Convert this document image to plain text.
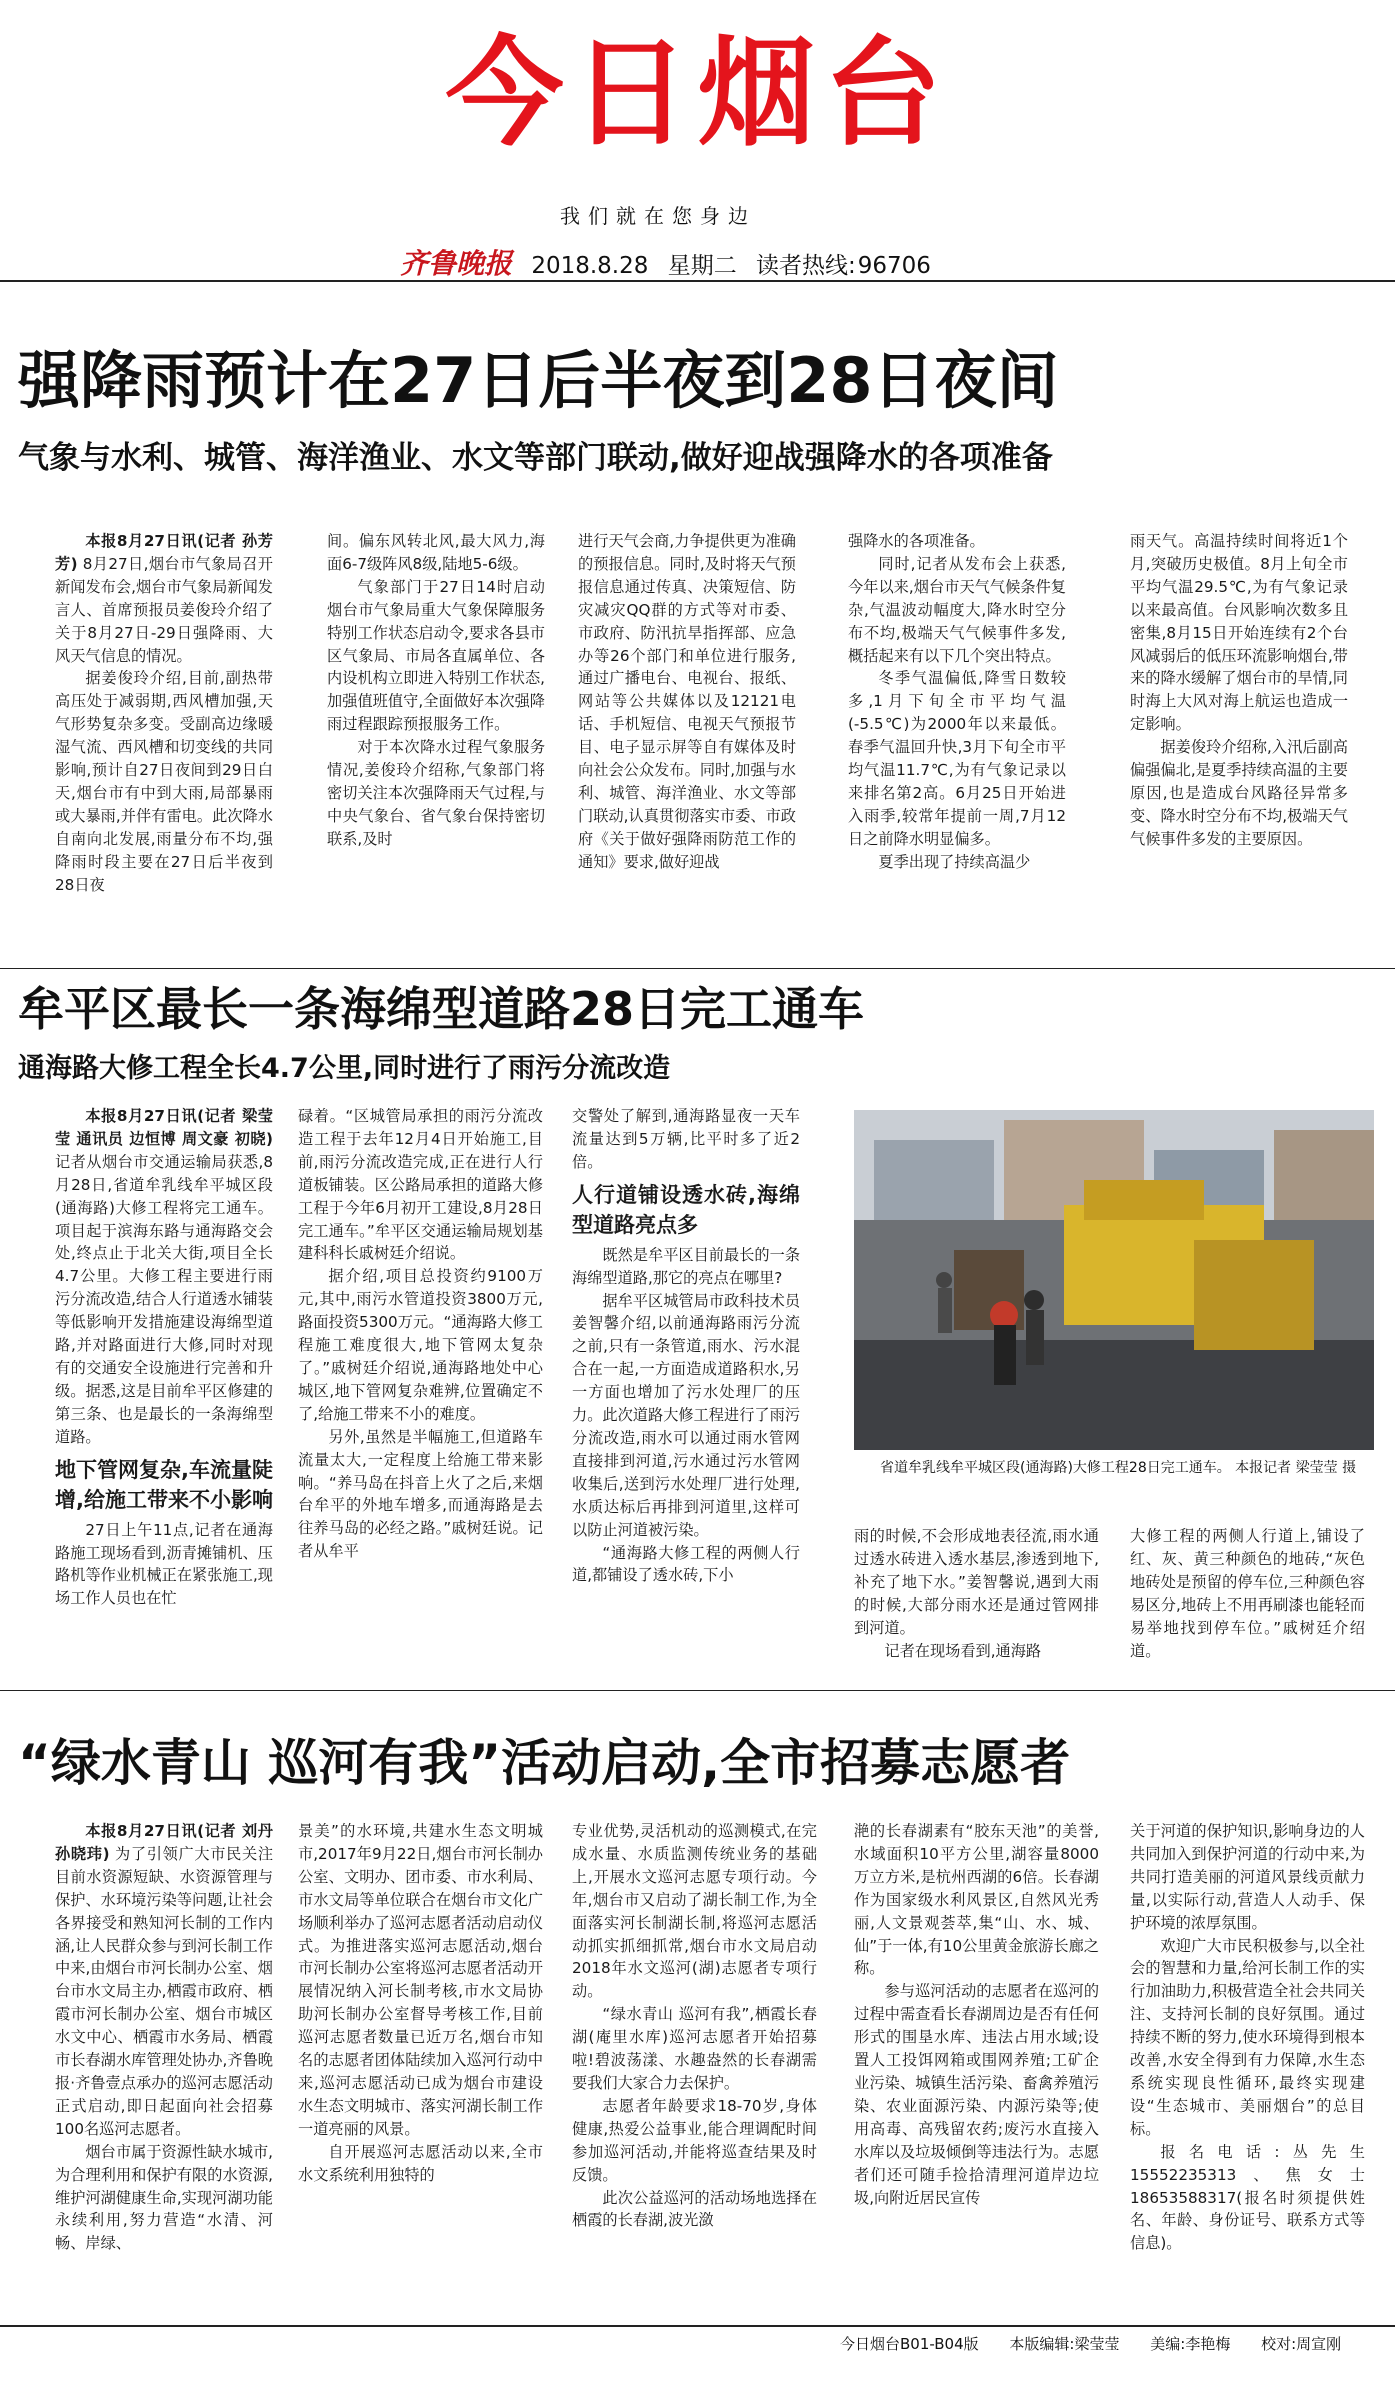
今日烟台
我们就在您身边
齐鲁晚报 2018.8.28 星期二 读者热线:96706
强降雨预计在27日后半夜到28日夜间
气象与水利、城管、海洋渔业、水文等部门联动,做好迎战强降水的各项准备

本报8月27日讯(记者 孙芳芳) 8月27日,烟台市气象局召开新闻发布会,烟台市气象局新闻发言人、首席预报员姜俊玲介绍了关于8月27日-29日强降雨、大风天气信息的情况。

据姜俊玲介绍,目前,副热带高压处于减弱期,西风槽加强,天气形势复杂多变。受副高边缘暖湿气流、西风槽和切变线的共同影响,预计自27日夜间到29日白天,烟台市有中到大雨,局部暴雨或大暴雨,并伴有雷电。此次降水自南向北发展,雨量分布不均,强降雨时段主要在27日后半夜到28日夜

间。偏东风转北风,最大风力,海面6-7级阵风8级,陆地5-6级。

气象部门于27日14时启动烟台市气象局重大气象保障服务特别工作状态启动令,要求各县市区气象局、市局各直属单位、各内设机构立即进入特别工作状态,加强值班值守,全面做好本次强降雨过程跟踪预报服务工作。

对于本次降水过程气象服务情况,姜俊玲介绍称,气象部门将密切关注本次强降雨天气过程,与中央气象台、省气象台保持密切联系,及时

进行天气会商,力争提供更为准确的预报信息。同时,及时将天气预报信息通过传真、决策短信、防灾减灾QQ群的方式等对市委、市政府、防汛抗旱指挥部、应急办等26个部门和单位进行服务,通过广播电台、电视台、报纸、网站等公共媒体以及12121电话、手机短信、电视天气预报节目、电子显示屏等自有媒体及时向社会公众发布。同时,加强与水利、城管、海洋渔业、水文等部门联动,认真贯彻落实市委、市政府《关于做好强降雨防范工作的通知》要求,做好迎战

强降水的各项准备。

同时,记者从发布会上获悉,今年以来,烟台市天气气候条件复杂,气温波动幅度大,降水时空分布不均,极端天气气候事件多发,概括起来有以下几个突出特点。

冬季气温偏低,降雪日数较多,1月下旬全市平均气温(-5.5℃)为2000年以来最低。春季气温回升快,3月下旬全市平均气温11.7℃,为有气象记录以来排名第2高。6月25日开始进入雨季,较常年提前一周,7月12日之前降水明显偏多。

夏季出现了持续高温少

雨天气。高温持续时间将近1个月,突破历史极值。8月上旬全市平均气温29.5℃,为有气象记录以来最高值。台风影响次数多且密集,8月15日开始连续有2个台风减弱后的低压环流影响烟台,带来的降水缓解了烟台市的旱情,同时海上大风对海上航运也造成一定影响。

据姜俊玲介绍称,入汛后副高偏强偏北,是夏季持续高温的主要原因,也是造成台风路径异常多变、降水时空分布不均,极端天气气候事件多发的主要原因。

牟平区最长一条海绵型道路28日完工通车
通海路大修工程全长4.7公里,同时进行了雨污分流改造

本报8月27日讯(记者 梁莹莹 通讯员 边恒博 周文豪 初晓) 记者从烟台市交通运输局获悉,8月28日,省道牟乳线牟平城区段(通海路)大修工程将完工通车。项目起于滨海东路与通海路交会处,终点止于北关大街,项目全长4.7公里。大修工程主要进行雨污分流改造,结合人行道透水铺装等低影响开发措施建设海绵型道路,并对路面进行大修,同时对现有的交通安全设施进行完善和升级。据悉,这是目前牟平区修建的第三条、也是最长的一条海绵型道路。

地下管网复杂,车流量陡增,给施工带来不小影响

27日上午11点,记者在通海路施工现场看到,沥青摊铺机、压路机等作业机械正在紧张施工,现场工作人员也在忙

碌着。“区城管局承担的雨污分流改造工程于去年12月4日开始施工,目前,雨污分流改造完成,正在进行人行道板铺装。区公路局承担的道路大修工程于今年6月初开工建设,8月28日完工通车。”牟平区交通运输局规划基建科科长戚树廷介绍说。

据介绍,项目总投资约9100万元,其中,雨污水管道投资3800万元,路面投资5300万元。“通海路大修工程施工难度很大,地下管网太复杂了。”戚树廷介绍说,通海路地处中心城区,地下管网复杂难辨,位置确定不了,给施工带来不小的难度。

另外,虽然是半幅施工,但道路车流量太大,一定程度上给施工带来影响。“养马岛在抖音上火了之后,来烟台牟平的外地车增多,而通海路是去往养马岛的必经之路。”戚树廷说。记者从牟平

交警处了解到,通海路显夜一天车流量达到5万辆,比平时多了近2倍。

人行道铺设透水砖,海绵型道路亮点多

既然是牟平区目前最长的一条海绵型道路,那它的亮点在哪里?

据牟平区城管局市政科技术员姜智馨介绍,以前通海路雨污分流之前,只有一条管道,雨水、污水混合在一起,一方面造成道路积水,另一方面也增加了污水处理厂的压力。此次道路大修工程进行了雨污分流改造,雨水可以通过雨水管网直接排到河道,污水通过污水管网收集后,送到污水处理厂进行处理,水质达标后再排到河道里,这样可以防止河道被污染。

“通海路大修工程的两侧人行道,都铺设了透水砖,下小

省道牟乳线牟平城区段(通海路)大修工程28日完工通车。 本报记者 梁莹莹 摄

雨的时候,不会形成地表径流,雨水通过透水砖进入透水基层,渗透到地下,补充了地下水。”姜智馨说,遇到大雨的时候,大部分雨水还是通过管网排到河道。

记者在现场看到,通海路

大修工程的两侧人行道上,铺设了红、灰、黄三种颜色的地砖,“灰色地砖处是预留的停车位,三种颜色容易区分,地砖上不用再刷漆也能轻而易举地找到停车位。”戚树廷介绍道。

“绿水青山 巡河有我”活动启动,全市招募志愿者

本报8月27日讯(记者 刘丹 孙晓玮) 为了引领广大市民关注目前水资源短缺、水资源管理与保护、水环境污染等问题,让社会各界接受和熟知河长制的工作内涵,让人民群众参与到河长制工作中来,由烟台市河长制办公室、烟台市水文局主办,栖霞市政府、栖霞市河长制办公室、烟台市城区水文中心、栖霞市水务局、栖霞市长春湖水库管理处协办,齐鲁晚报·齐鲁壹点承办的巡河志愿活动正式启动,即日起面向社会招募100名巡河志愿者。

烟台市属于资源性缺水城市,为合理利用和保护有限的水资源,维护河湖健康生命,实现河湖功能永续利用,努力营造“水清、河畅、岸绿、

景美”的水环境,共建水生态文明城市,2017年9月22日,烟台市河长制办公室、文明办、团市委、市水利局、市水文局等单位联合在烟台市文化广场顺利举办了巡河志愿者活动启动仪式。为推进落实巡河志愿活动,烟台市河长制办公室将巡河志愿者活动开展情况纳入河长制考核,市水文局协助河长制办公室督导考核工作,目前巡河志愿者数量已近万名,烟台市知名的志愿者团体陆续加入巡河行动中来,巡河志愿活动已成为烟台市建设水生态文明城市、落实河湖长制工作一道亮丽的风景。

自开展巡河志愿活动以来,全市水文系统利用独特的

专业优势,灵活机动的巡测模式,在完成水量、水质监测传统业务的基础上,开展水文巡河志愿专项行动。今年,烟台市又启动了湖长制工作,为全面落实河长制湖长制,将巡河志愿活动抓实抓细抓常,烟台市水文局启动2018年水文巡河(湖)志愿者专项行动。

“绿水青山 巡河有我”,栖霞长春湖(庵里水库)巡河志愿者开始招募啦!碧波荡漾、水趣盎然的长春湖需要我们大家合力去保护。

志愿者年龄要求18-70岁,身体健康,热爱公益事业,能合理调配时间参加巡河活动,并能将巡查结果及时反馈。

此次公益巡河的活动场地选择在栖霞的长春湖,波光潋

滟的长春湖素有“胶东天池”的美誉,水域面积10平方公里,湖容量8000万立方米,是杭州西湖的6倍。长春湖作为国家级水利风景区,自然风光秀丽,人文景观荟萃,集“山、水、城、仙”于一体,有10公里黄金旅游长廊之称。

参与巡河活动的志愿者在巡河的过程中需查看长春湖周边是否有任何形式的围垦水库、违法占用水域;设置人工投饵网箱或围网养殖;工矿企业污染、城镇生活污染、畜禽养殖污染、农业面源污染、内源污染等;使用高毒、高残留农药;废污水直接入水库以及垃圾倾倒等违法行为。志愿者们还可随手捡拾清理河道岸边垃圾,向附近居民宣传

关于河道的保护知识,影响身边的人共同加入到保护河道的行动中来,为共同打造美丽的河道风景线贡献力量,以实际行动,营造人人动手、保护环境的浓厚氛围。

欢迎广大市民积极参与,以全社会的智慧和力量,给河长制工作的实行加油助力,积极营造全社会共同关注、支持河长制的良好氛围。通过持续不断的努力,使水环境得到根本改善,水安全得到有力保障,水生态系统实现良性循环,最终实现建设“生态城市、美丽烟台”的总目标。

报名电话:丛先生 15552235313、焦女士18653588317(报名时须提供姓名、年龄、身份证号、联系方式等信息)。

今日烟台B01-B04版 本版编辑:梁莹莹 美编:李艳梅 校对:周宣刚
